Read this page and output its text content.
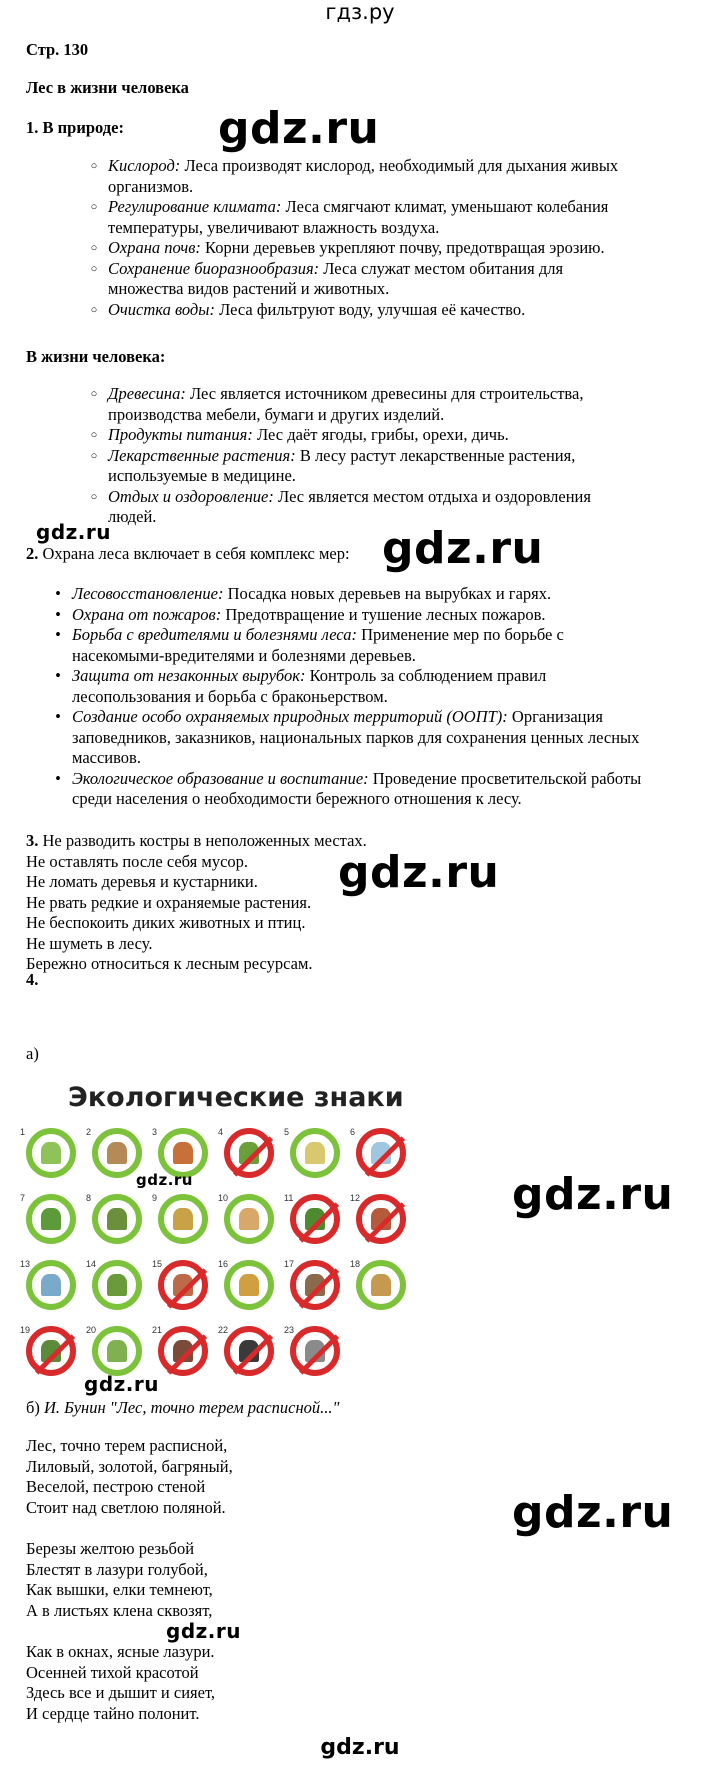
гдз.ру
Стр. 130
Лес в жизни человека
1. В природе:
○ Кислород: Леса производят кислород, необходимый для дыхания живых
организмов.
○ Регулирование климата: Леса смягчают климат, уменьшают колебания
температуры, увеличивают влажность воздуха.
○ Охрана почв: Корни деревьев укрепляют почву, предотвращая эрозию.
○ Сохранение биоразнообразия: Леса служат местом обитания для
множества видов растений и животных.
○ Очистка воды: Леса фильтруют воду, улучшая её качество.
В жизни человека:
○ Древесина: Лес является источником древесины для строительства,
производства мебели, бумаги и других изделий.
○ Продукты питания: Лес даёт ягоды, грибы, орехи, дичь.
○ Лекарственные растения: В лесу растут лекарственные растения,
используемые в медицине.
○ Отдых и оздоровление: Лес является местом отдыха и оздоровления
людей.
2. Охрана леса включает в себя комплекс мер:
• Лесовосстановление: Посадка новых деревьев на вырубках и гарях.
• Охрана от пожаров: Предотвращение и тушение лесных пожаров.
• Борьба с вредителями и болезнями леса: Применение мер по борьбе с
насекомыми-вредителями и болезнями деревьев.
• Защита от незаконных вырубок: Контроль за соблюдением правил
лесопользования и борьба с браконьерством.
• Создание особо охраняемых природных территорий (ООПТ): Организация
заповедников, заказников, национальных парков для сохранения ценных лесных
массивов.
• Экологическое образование и воспитание: Проведение просветительской работы
среди населения о необходимости бережного отношения к лесу.
3. Не разводить костры в неположенных местах.
Не оставлять после себя мусор.
Не ломать деревья и кустарники.
Не рвать редкие и охраняемые растения.
Не беспокоить диких животных и птиц.
Не шуметь в лесу.
Бережно относиться к лесным ресурсам.
4.
а)
Экологические знаки
1	2	3	4	5	6
7	8	9	10	11	12
13	14	15	16	17	18
19	20	21	22	23
б) И. Бунин "Лес, точно терем расписной..."
Лес, точно терем расписной,
Лиловый, золотой, багряный,
Веселой, пестрою стеной
Стоит над светлою поляной.
Березы желтою резьбой
Блестят в лазури голубой,
Как вышки, елки темнеют,
А в листьях клена сквозят,
Как в окнах, ясные лазури.
Осенней тихой красотой
Здесь все и дышит и сияет,
И сердце тайно полонит.
gdz.ru
gdz.ru	gdz.ru
gdz.ru
gdz.ru	gdz.ru
gdz.ru
gdz.ru
gdz.ru
gdz.ru
